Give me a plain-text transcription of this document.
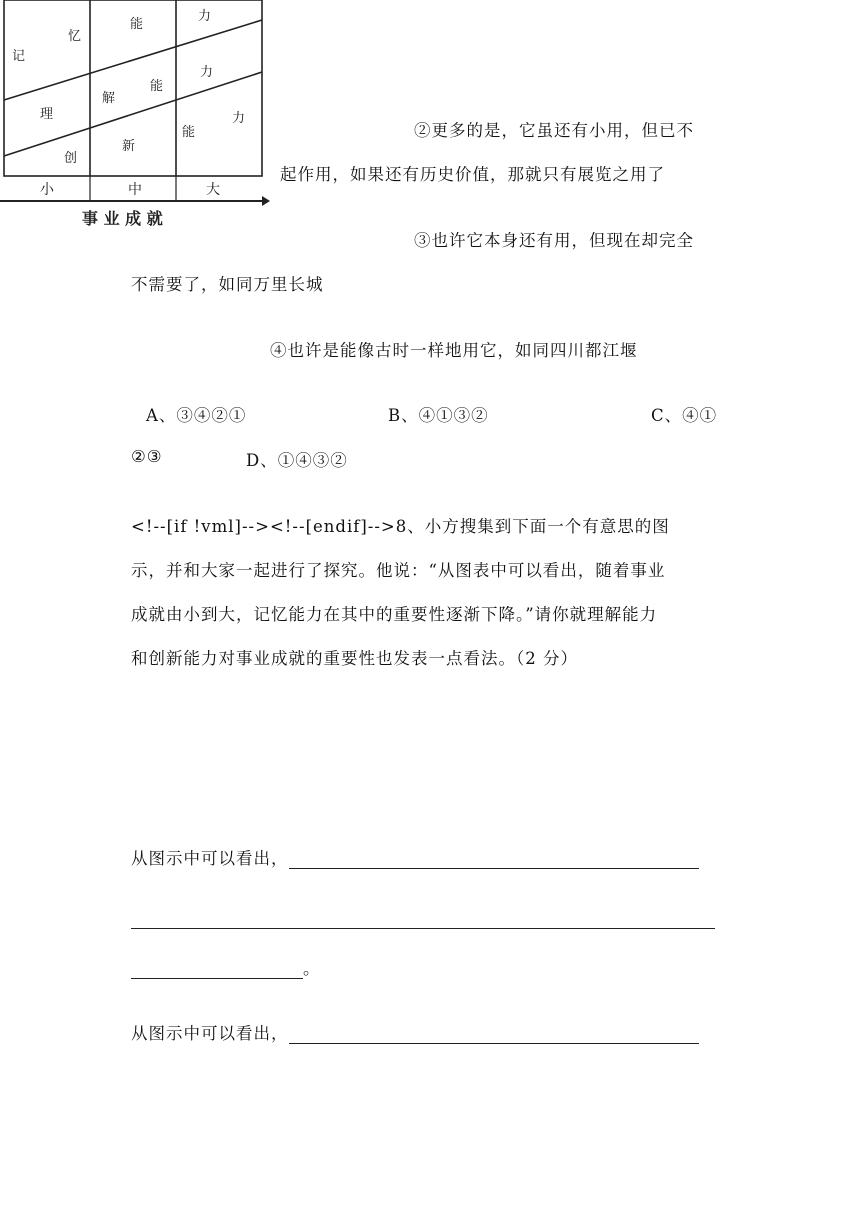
记
忆
能
力
理
解
能
力
创
新
能
力
小	中	大
事 业 成 就
②更多的是，它虽还有小用，但已不
起作用，如果还有历史价值，那就只有展览之用了
③也许它本身还有用，但现在却完全
不需要了，如同万里长城
④也许是能像古时一样地用它，如同四川都江堰
A、③④②①	B、④①③②	C、④①
②③	D、①④③②
<!--[if !vml]--><!--[endif]-->8、小方搜集到下面一个有意思的图
示，并和大家一起进行了探究。他说：“从图表中可以看出，随着事业
成就由小到大，记忆能力在其中的重要性逐渐下降。”请你就理解能力
和创新能力对事业成就的重要性也发表一点看法。（2 分）
从图示中可以看出，
。
从图示中可以看出，
